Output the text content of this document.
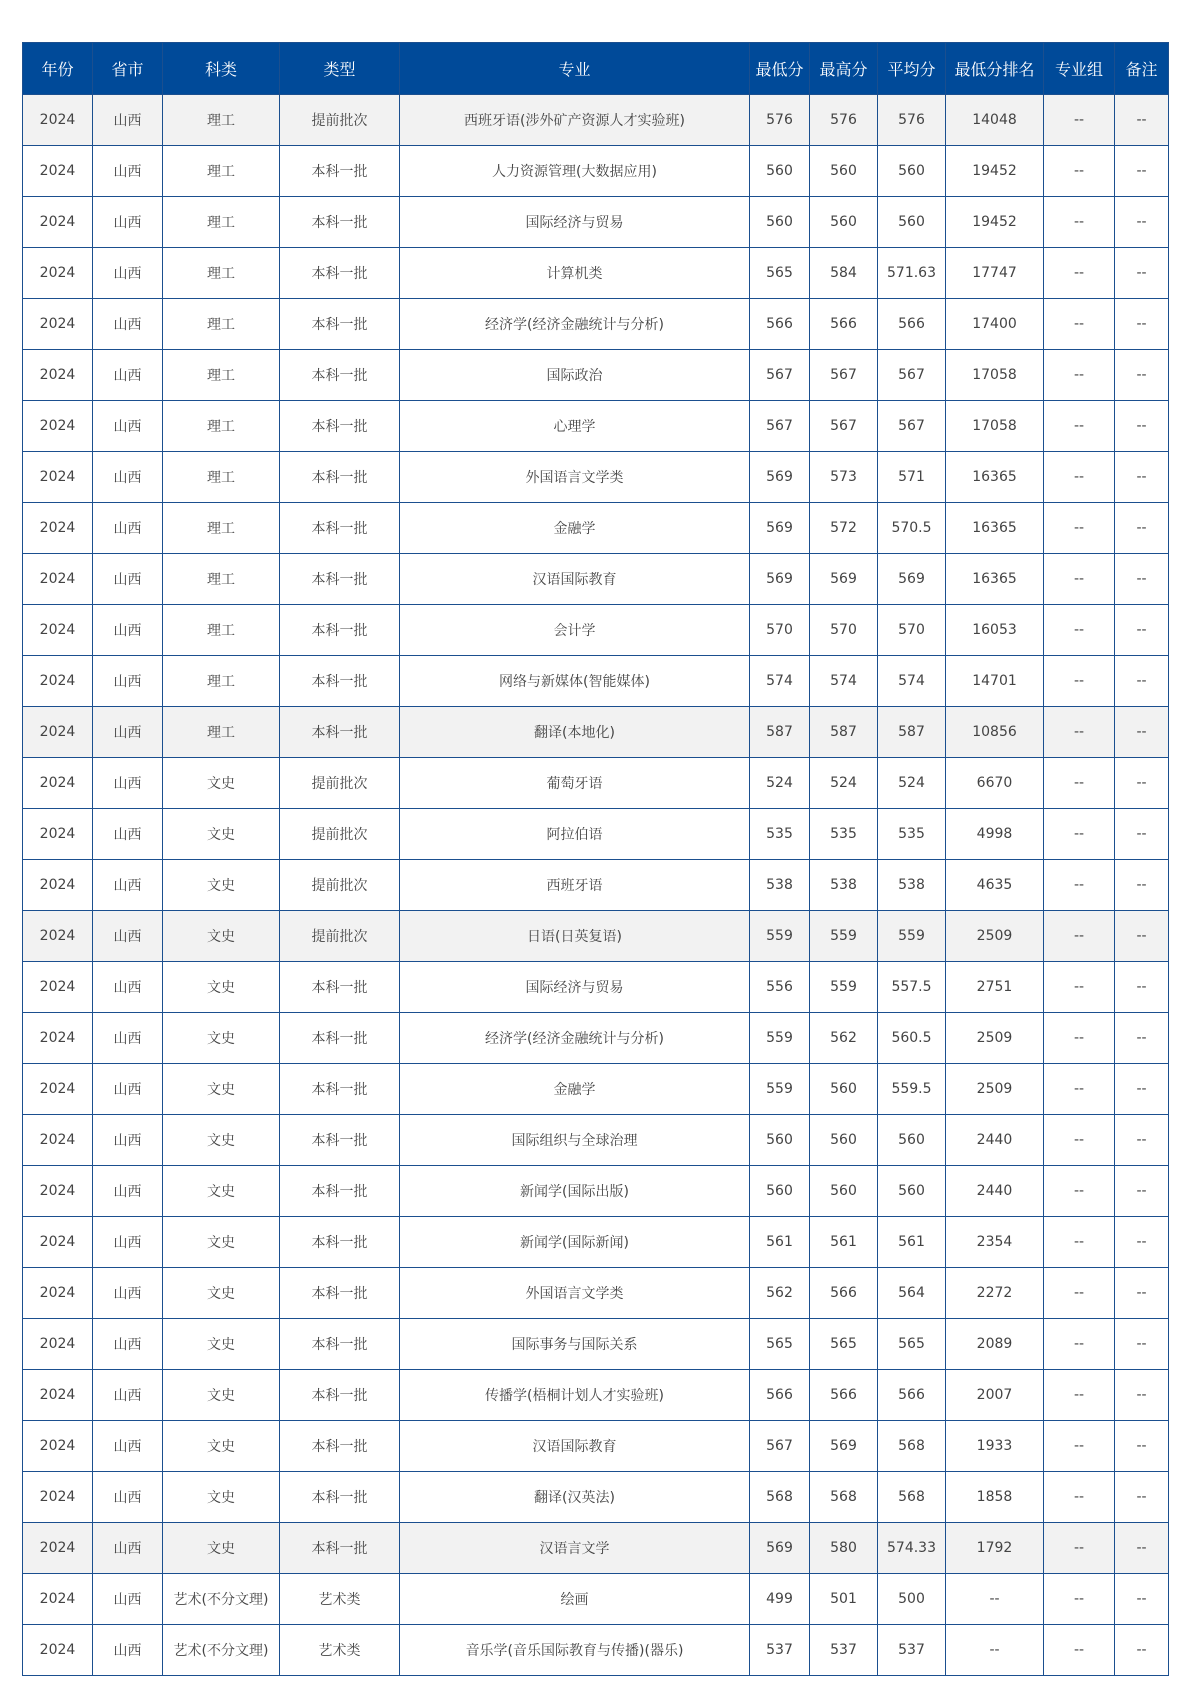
年份	省市	科类	类型	专业	最低分	最高分	平均分	最低分排名	专业组	备注
2024	山西	理工	提前批次	西班牙语(涉外矿产资源人才实验班)	576	576	576	14048	--	--
2024	山西	理工	本科一批	人力资源管理(大数据应用)	560	560	560	19452	--	--
2024	山西	理工	本科一批	国际经济与贸易	560	560	560	19452	--	--
2024	山西	理工	本科一批	计算机类	565	584	571.63	17747	--	--
2024	山西	理工	本科一批	经济学(经济金融统计与分析)	566	566	566	17400	--	--
2024	山西	理工	本科一批	国际政治	567	567	567	17058	--	--
2024	山西	理工	本科一批	心理学	567	567	567	17058	--	--
2024	山西	理工	本科一批	外国语言文学类	569	573	571	16365	--	--
2024	山西	理工	本科一批	金融学	569	572	570.5	16365	--	--
2024	山西	理工	本科一批	汉语国际教育	569	569	569	16365	--	--
2024	山西	理工	本科一批	会计学	570	570	570	16053	--	--
2024	山西	理工	本科一批	网络与新媒体(智能媒体)	574	574	574	14701	--	--
2024	山西	理工	本科一批	翻译(本地化)	587	587	587	10856	--	--
2024	山西	文史	提前批次	葡萄牙语	524	524	524	6670	--	--
2024	山西	文史	提前批次	阿拉伯语	535	535	535	4998	--	--
2024	山西	文史	提前批次	西班牙语	538	538	538	4635	--	--
2024	山西	文史	提前批次	日语(日英复语)	559	559	559	2509	--	--
2024	山西	文史	本科一批	国际经济与贸易	556	559	557.5	2751	--	--
2024	山西	文史	本科一批	经济学(经济金融统计与分析)	559	562	560.5	2509	--	--
2024	山西	文史	本科一批	金融学	559	560	559.5	2509	--	--
2024	山西	文史	本科一批	国际组织与全球治理	560	560	560	2440	--	--
2024	山西	文史	本科一批	新闻学(国际出版)	560	560	560	2440	--	--
2024	山西	文史	本科一批	新闻学(国际新闻)	561	561	561	2354	--	--
2024	山西	文史	本科一批	外国语言文学类	562	566	564	2272	--	--
2024	山西	文史	本科一批	国际事务与国际关系	565	565	565	2089	--	--
2024	山西	文史	本科一批	传播学(梧桐计划人才实验班)	566	566	566	2007	--	--
2024	山西	文史	本科一批	汉语国际教育	567	569	568	1933	--	--
2024	山西	文史	本科一批	翻译(汉英法)	568	568	568	1858	--	--
2024	山西	文史	本科一批	汉语言文学	569	580	574.33	1792	--	--
2024	山西	艺术(不分文理)	艺术类	绘画	499	501	500	--	--	--
2024	山西	艺术(不分文理)	艺术类	音乐学(音乐国际教育与传播)(器乐)	537	537	537	--	--	--
